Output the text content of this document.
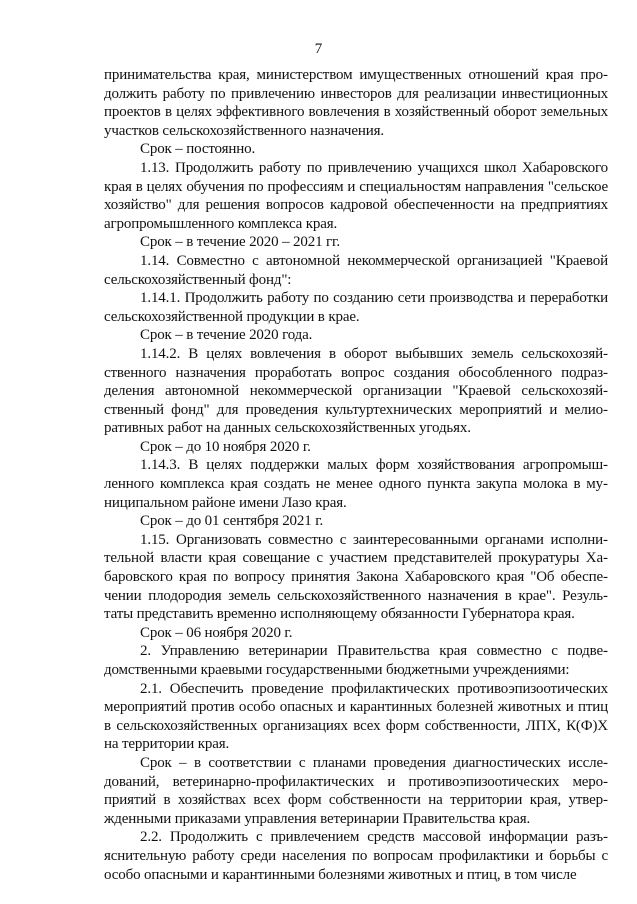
7

принимательства края, министерством имущественных отношений края продолжить работу по привлечению инвесторов для реализации инвестиционных проектов в целях эффективного вовлечения в хозяйственный оборот земельных участков сельскохозяйственного назначения.

Срок – постоянно.

1.13. Продолжить работу по привлечению учащихся школ Хабаровского края в целях обучения по профессиям и специальностям направления "сельское хозяйство" для решения вопросов кадровой обеспеченности на предприятиях агропромышленного комплекса края.

Срок – в течение 2020 – 2021 гг.

1.14. Совместно с автономной некоммерческой организацией "Краевой сельскохозяйственный фонд":

1.14.1. Продолжить работу по созданию сети производства и переработки сельскохозяйственной продукции в крае.

Срок – в течение 2020 года.

1.14.2. В целях вовлечения в оборот выбывших земель сельскохозяйственного назначения проработать вопрос создания обособленного подразделения автономной некоммерческой организации "Краевой сельскохозяйственный фонд" для проведения культуртехнических мероприятий и мелиоративных работ на данных сельскохозяйственных угодьях.

Срок – до 10 ноября 2020 г.

1.14.3. В целях поддержки малых форм хозяйствования агропромышленного комплекса края создать не менее одного пункта закупа молока в муниципальном районе имени Лазо края.

Срок – до 01 сентября 2021 г.

1.15. Организовать совместно с заинтересованными органами исполнительной власти края совещание с участием представителей прокуратуры Хабаровского края по вопросу принятия Закона Хабаровского края "Об обеспечении плодородия земель сельскохозяйственного назначения в крае". Результаты представить временно исполняющему обязанности Губернатора края.

Срок – 06 ноября 2020 г.

2. Управлению ветеринарии Правительства края совместно с подведомственными краевыми государственными бюджетными учреждениями:

2.1. Обеспечить проведение профилактических противоэпизоотических мероприятий против особо опасных и карантинных болезней животных и птиц в сельскохозяйственных организациях всех форм собственности, ЛПХ, К(Ф)Х на территории края.

Срок – в соответствии с планами проведения диагностических исследований, ветеринарно-профилактических и противоэпизоотических мероприятий в хозяйствах всех форм собственности на территории края, утвержденными приказами управления ветеринарии Правительства края.

2.2. Продолжить с привлечением средств массовой информации разъяснительную работу среди населения по вопросам профилактики и борьбы с особо опасными и карантинными болезнями животных и птиц, в том числе
